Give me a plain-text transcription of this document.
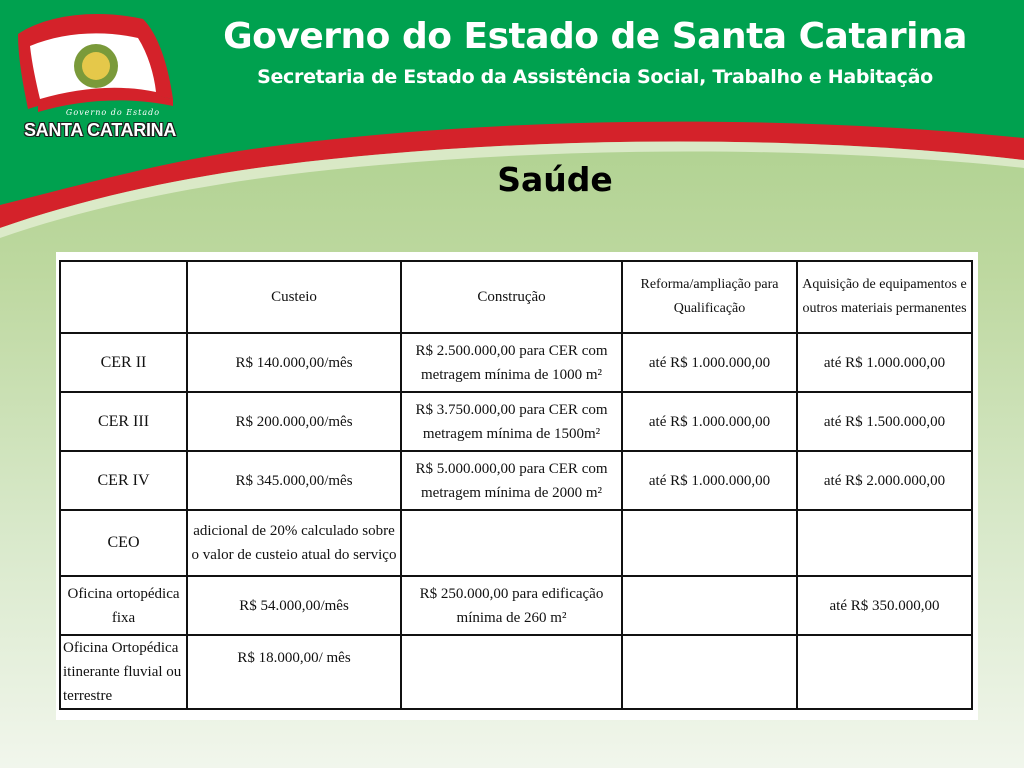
Governo do Estado
SANTA CATARINA
Governo do Estado de Santa Catarina
Secretaria de Estado da Assistência Social, Trabalho e Habitação
Saúde
	Custeio	Construção	Reforma/ampliação para Qualificação	Aquisição de equipamentos e outros materiais permanentes
CER II	R$ 140.000,00/mês	R$ 2.500.000,00 para CER com metragem mínima de 1000 m²	até R$ 1.000.000,00	até R$ 1.000.000,00
CER III	R$ 200.000,00/mês	R$ 3.750.000,00 para CER com metragem mínima de 1500m²	até R$ 1.000.000,00	até R$ 1.500.000,00
CER IV	R$ 345.000,00/mês	R$ 5.000.000,00 para CER com metragem mínima de 2000 m²	até R$ 1.000.000,00	até R$ 2.000.000,00
CEO	adicional de 20% calculado sobre o valor de custeio atual do serviço			
Oficina ortopédica fixa	R$ 54.000,00/mês	R$ 250.000,00 para edificação mínima de 260 m²		até R$ 350.000,00
Oficina Ortopédica itinerante fluvial ou terrestre	R$ 18.000,00/ mês			
